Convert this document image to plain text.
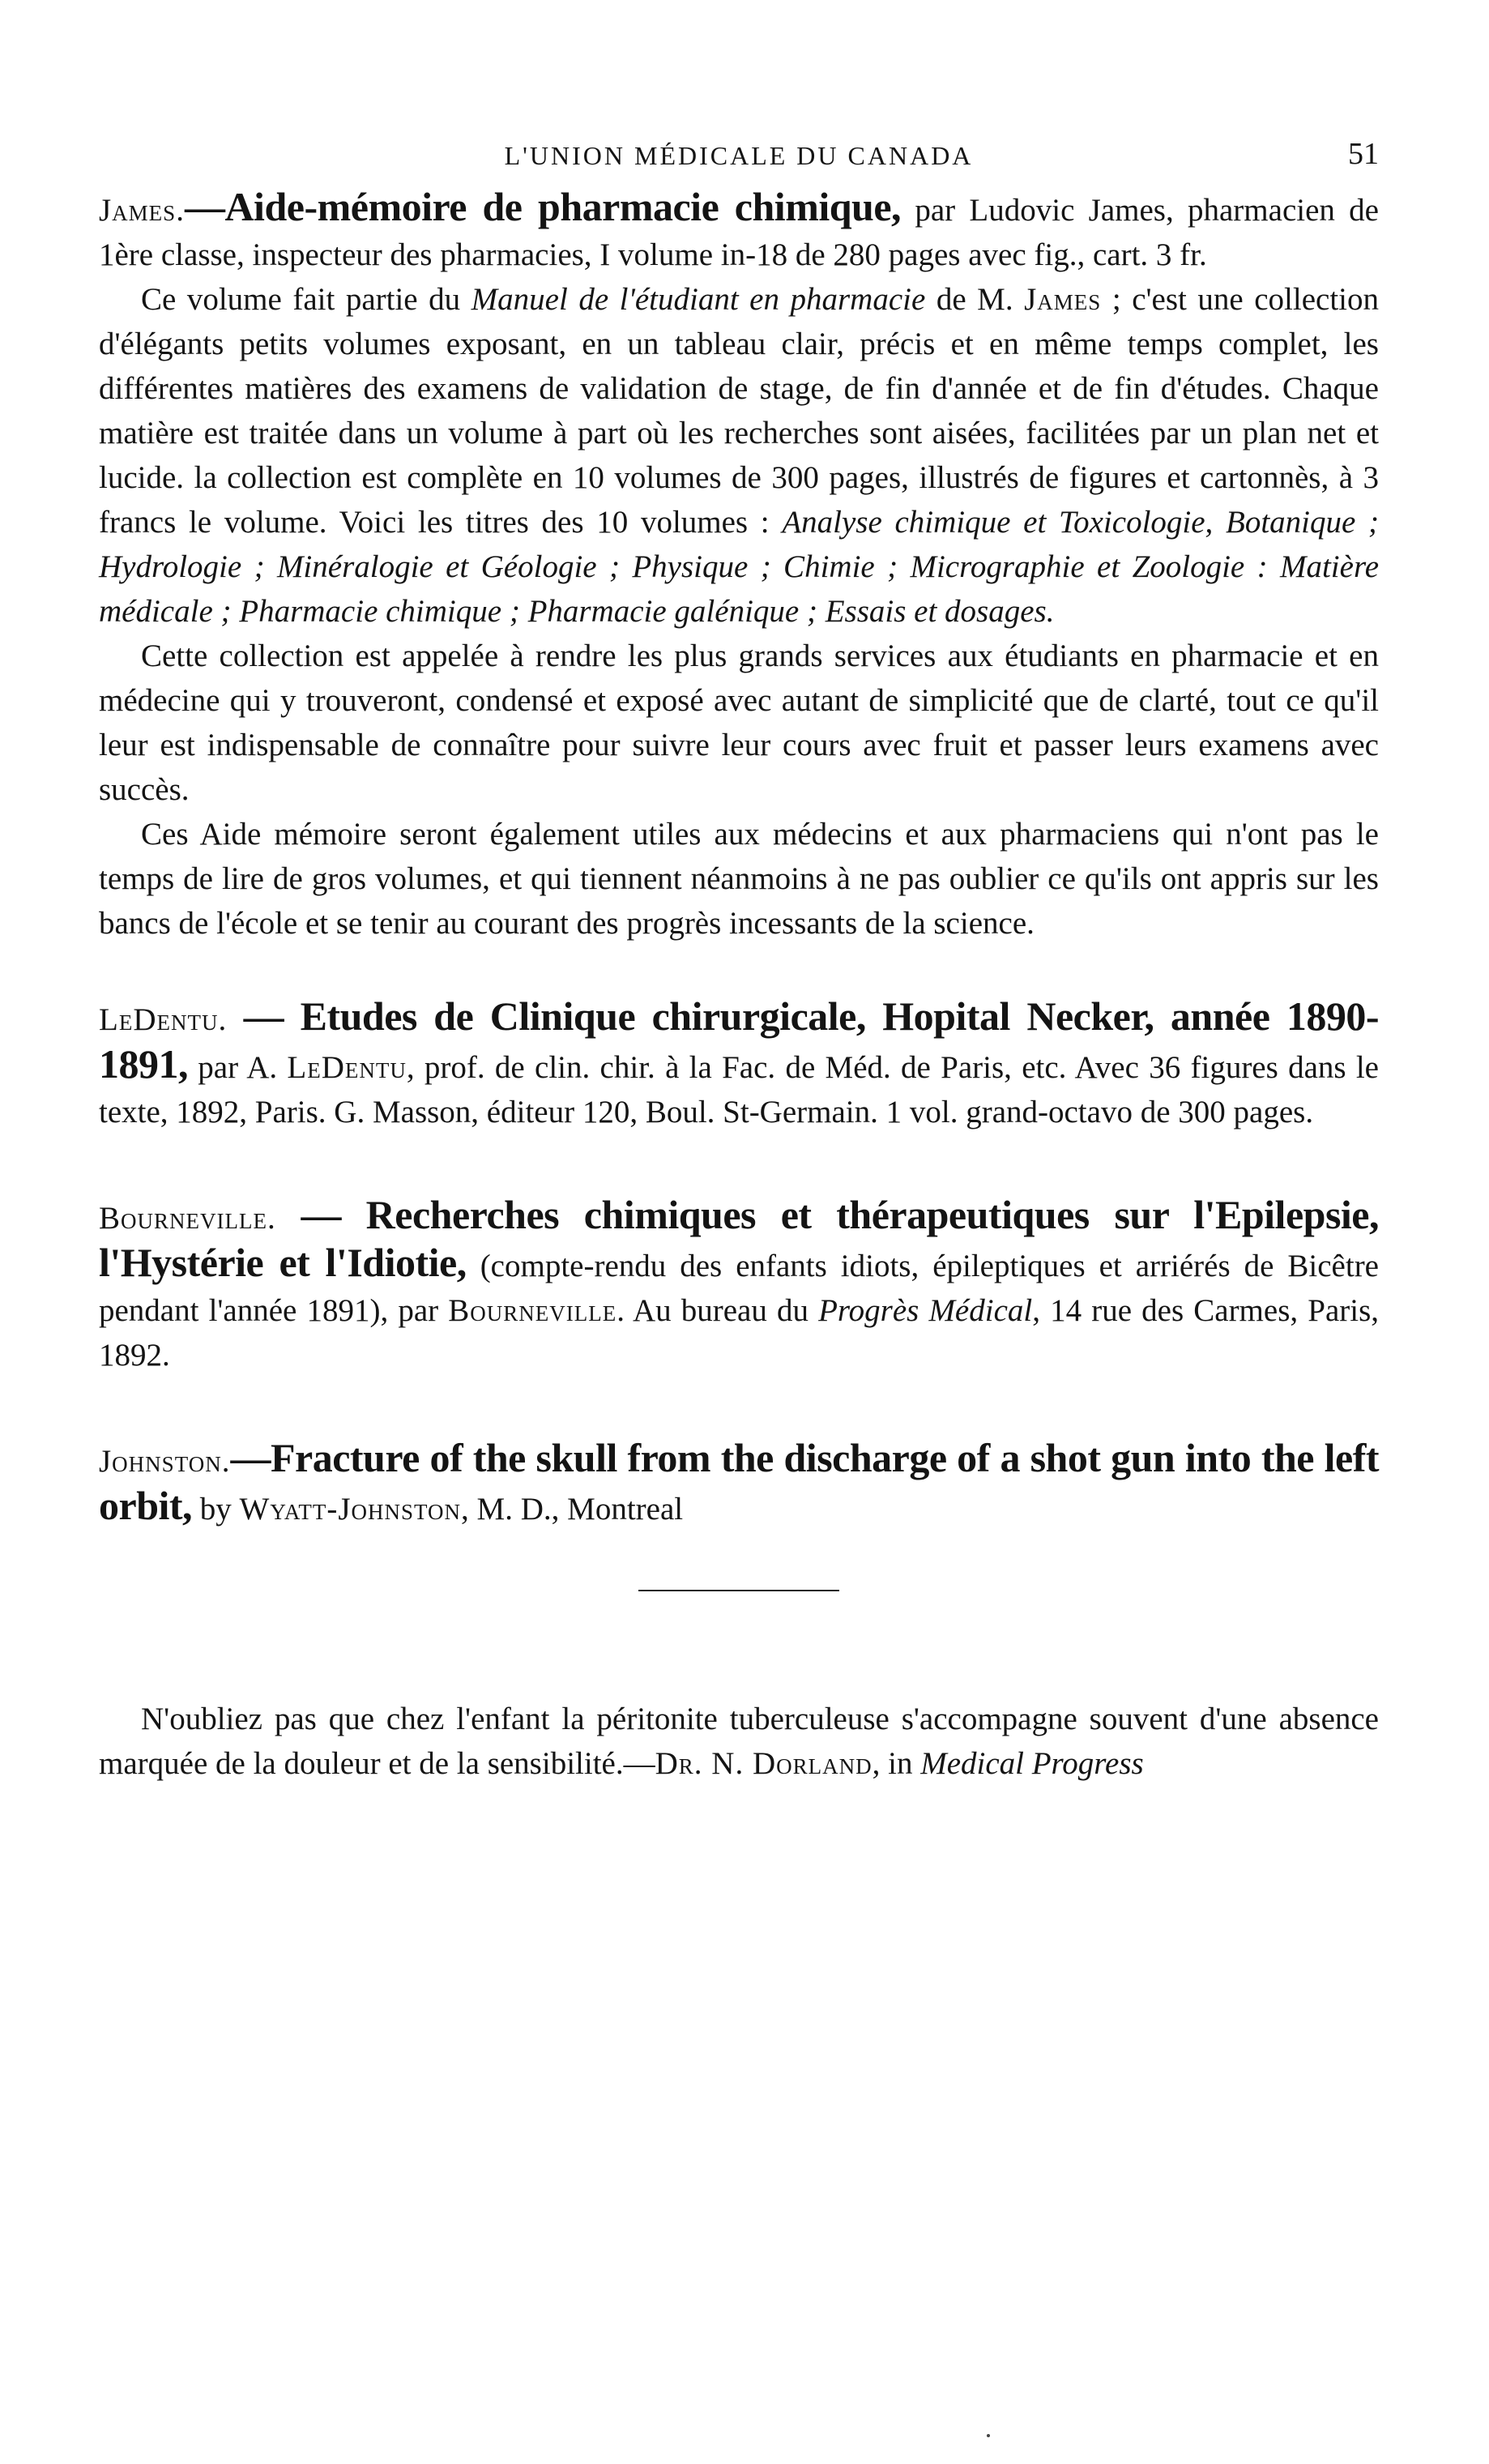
L'UNION MÉDICALE DU CANADA	51

James.—Aide-mémoire de pharmacie chimique, par Ludovic James, pharmacien de 1ère classe, inspecteur des pharmacies, I volume in-18 de 280 pages avec fig., cart. 3 fr.

Ce volume fait partie du Manuel de l'étudiant en pharmacie de M. James ; c'est une collection d'élégants petits volumes exposant, en un tableau clair, précis et en même temps complet, les différentes matières des examens de validation de stage, de fin d'année et de fin d'études. Chaque matière est traitée dans un volume à part où les recherches sont aisées, facilitées par un plan net et lucide. la collection est complète en 10 volumes de 300 pages, illustrés de figures et cartonnès, à 3 francs le volume. Voici les titres des 10 volumes : Analyse chimique et Toxicologie, Botanique ; Hydrologie ; Minéralogie et Géologie ; Physique ; Chimie ; Micrographie et Zoologie : Matière médicale ; Pharmacie chimique ; Pharmacie galénique ; Essais et dosages.

Cette collection est appelée à rendre les plus grands services aux étudiants en pharmacie et en médecine qui y trouveront, condensé et exposé avec autant de simplicité que de clarté, tout ce qu'il leur est indispensable de connaître pour suivre leur cours avec fruit et passer leurs examens avec succès.

Ces Aide mémoire seront également utiles aux médecins et aux pharmaciens qui n'ont pas le temps de lire de gros volumes, et qui tiennent néanmoins à ne pas oublier ce qu'ils ont appris sur les bancs de l'école et se tenir au courant des progrès incessants de la science.

LeDentu. — Etudes de Clinique chirurgicale, Hopital Necker, année 1890-1891, par A. LeDentu, prof. de clin. chir. à la Fac. de Méd. de Paris, etc. Avec 36 figures dans le texte, 1892, Paris. G. Masson, éditeur 120, Boul. St-Germain. 1 vol. grand-octavo de 300 pages.

Bourneville. — Recherches chimiques et thérapeutiques sur l'Epilepsie, l'Hystérie et l'Idiotie, (compte-rendu des enfants idiots, épileptiques et arriérés de Bicêtre pendant l'année 1891), par Bourneville. Au bureau du Progrès Médical, 14 rue des Carmes, Paris, 1892.

Johnston.—Fracture of the skull from the discharge of a shot gun into the left orbit, by Wyatt-Johnston, M. D., Montreal

N'oubliez pas que chez l'enfant la péritonite tuberculeuse s'accompagne souvent d'une absence marquée de la douleur et de la sensibilité.—Dr. N. Dorland, in Medical Progress
